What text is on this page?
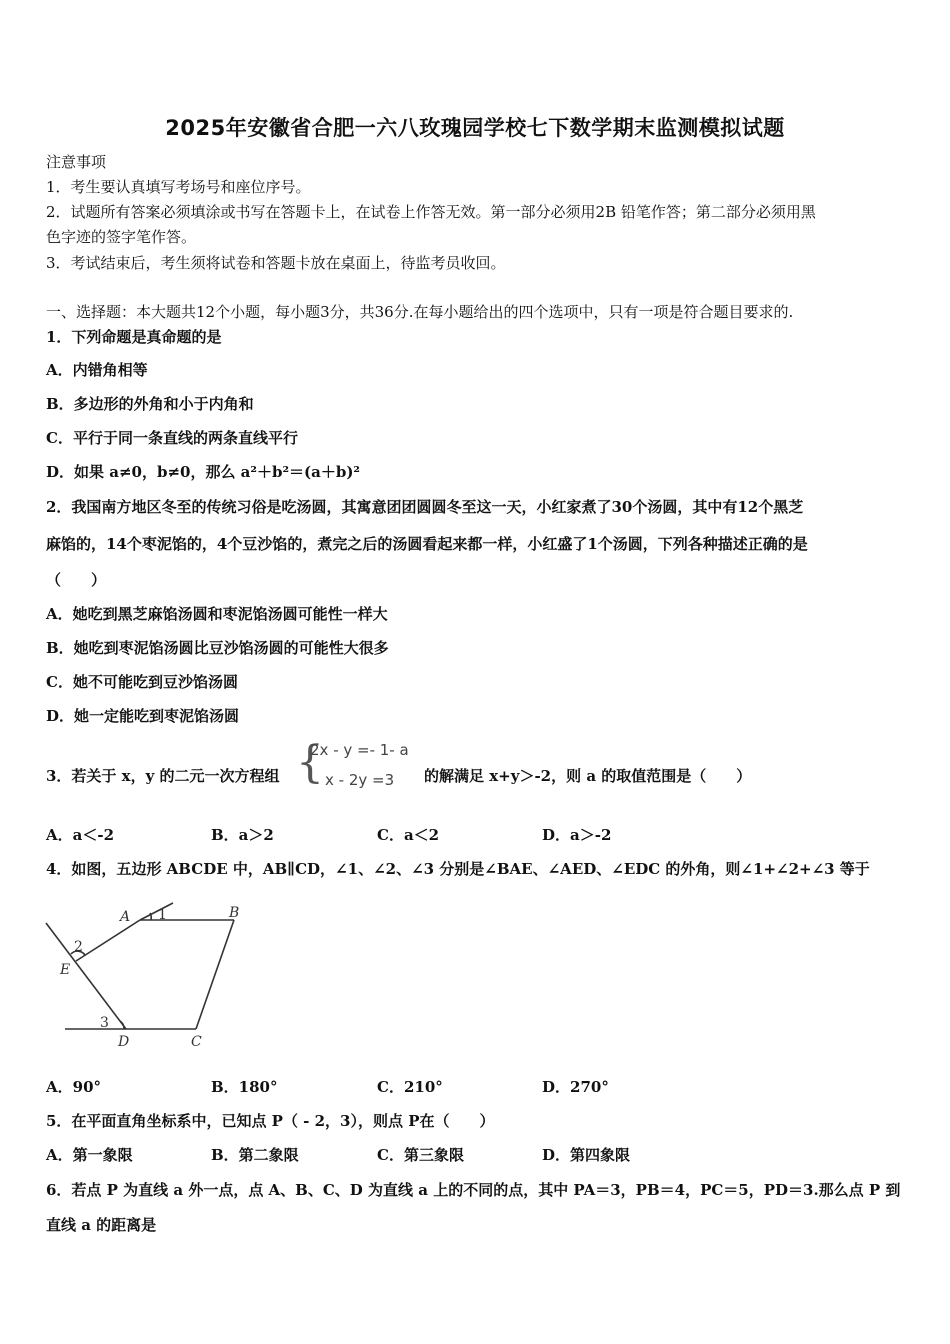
2025年安徽省合肥一六八玫瑰园学校七下数学期末监测模拟试题
注意事项
1．考生要认真填写考场号和座位序号。
2．试题所有答案必须填涂或书写在答题卡上，在试卷上作答无效。第一部分必须用2B 铅笔作答；第二部分必须用黑
色字迹的签字笔作答。
3．考试结束后，考生须将试卷和答题卡放在桌面上，待监考员收回。
一、选择题：本大题共12个小题，每小题3分，共36分.在每小题给出的四个选项中，只有一项是符合题目要求的.
1．下列命题是真命题的是
A．内错角相等
B．多边形的外角和小于内角和
C．平行于同一条直线的两条直线平行
D．如果 a≠0，b≠0，那么 a²＋b²＝(a＋b)²
2．我国南方地区冬至的传统习俗是吃汤圆，其寓意团团圆圆冬至这一天，小红家煮了30个汤圆，其中有12个黑芝
麻馅的，14个枣泥馅的，4个豆沙馅的，煮完之后的汤圆看起来都一样，小红盛了1个汤圆，下列各种描述正确的是
（　　）
A．她吃到黑芝麻馅汤圆和枣泥馅汤圆可能性一样大
B．她吃到枣泥馅汤圆比豆沙馅汤圆的可能性大很多
C．她不可能吃到豆沙馅汤圆
D．她一定能吃到枣泥馅汤圆
3．若关于 x，y 的二元一次方程组 {
2x - y =- 1- a
x - 2y =3 的解满足 x+y＞-2，则 a 的取值范围是（　　）
A．a＜-2	B．a＞2	C．a＜2	D．a＞-2
4．如图，五边形 ABCDE 中，AB∥CD，∠1、∠2、∠3 分别是∠BAE、∠AED、∠EDC 的外角，则∠1+∠2+∠3 等于
A	B
C
D
E
1
2
3
A．90°	B．180°	C．210°	D．270°
5．在平面直角坐标系中，已知点 P（ - 2，3），则点 P在（　　）
A．第一象限	B．第二象限	C．第三象限	D．第四象限
6．若点 P 为直线 a 外一点，点 A、B、C、D 为直线 a 上的不同的点，其中 PA＝3，PB＝4，PC＝5，PD＝3.那么点 P 到
直线 a 的距离是
